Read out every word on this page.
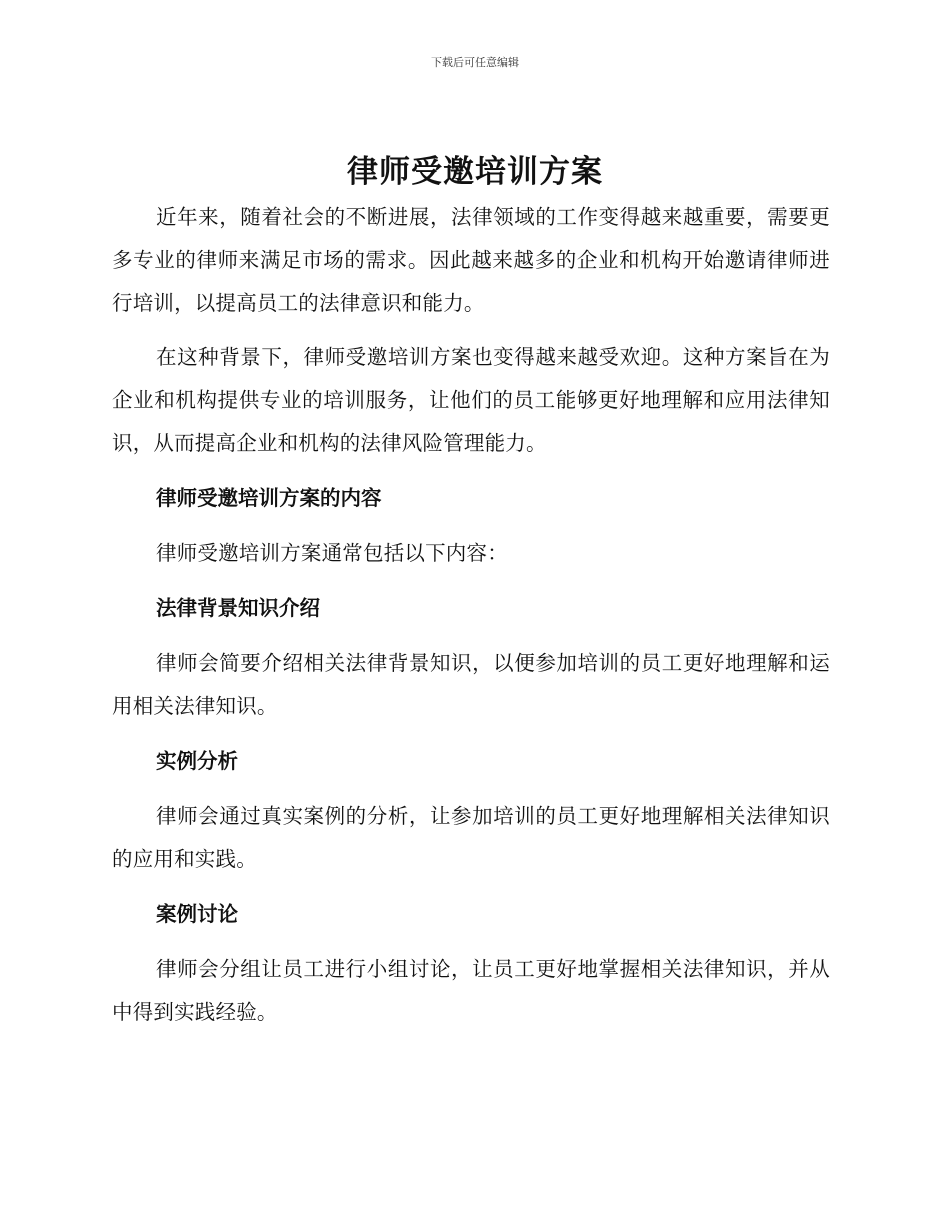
下载后可任意编辑
律师受邀培训方案

近年来，随着社会的不断进展，法律领域的工作变得越来越重要，需要更多专业的律师来满足市场的需求。因此越来越多的企业和机构开始邀请律师进行培训，以提高员工的法律意识和能力。

在这种背景下，律师受邀培训方案也变得越来越受欢迎。这种方案旨在为企业和机构提供专业的培训服务，让他们的员工能够更好地理解和应用法律知识，从而提高企业和机构的法律风险管理能力。

律师受邀培训方案的内容

律师受邀培训方案通常包括以下内容：

法律背景知识介绍

律师会简要介绍相关法律背景知识，以便参加培训的员工更好地理解和运用相关法律知识。

实例分析

律师会通过真实案例的分析，让参加培训的员工更好地理解相关法律知识的应用和实践。

案例讨论

律师会分组让员工进行小组讨论，让员工更好地掌握相关法律知识，并从中得到实践经验。
